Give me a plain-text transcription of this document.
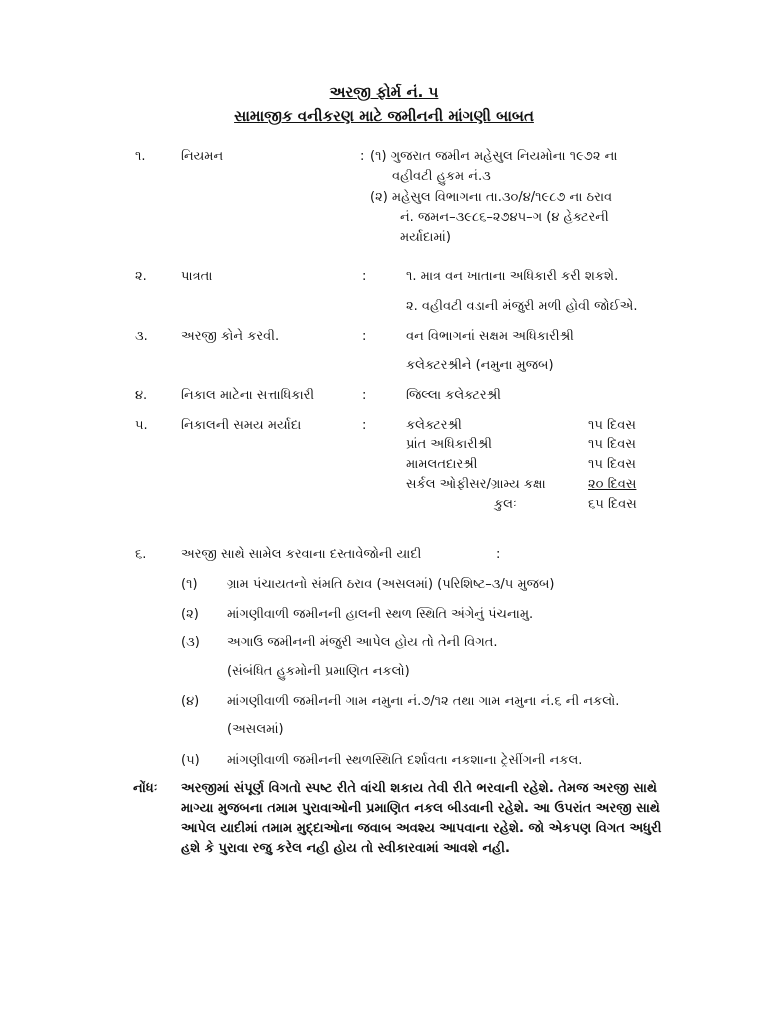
અરજી ફોર્મ નં. ૫
સામાજીક વનીકરણ માટે જમીનની માંગણી બાબત
૧.	નિયમન	: (૧) ગુજરાત જમીન મહેસુલ નિયમોના ૧૯૭૨ ના
વહીવટી હુકમ નં.૩
(૨) મહેસુલ વિભાગના તા.૩૦/૪/૧૯૮૭ ના ઠરાવ
નં. જમન–૩૯૮૬–૨૭૪૫–ગ (૪ હેક્ટરની
મર્યાદામાં)
૨.	પાત્રતા	:	૧. માત્ર વન ખાતાના અધિકારી કરી શકશે.
૨. વહીવટી વડાની મંજુરી મળી હોવી જોઈએ.
૩.	અરજી કોને કરવી.	:	વન વિભાગનાં સક્ષમ અધિકારીશ્રી
કલેક્ટરશ્રીને (નમુના મુજબ)
૪.	નિકાલ માટેના સત્તાધિકારી	:	જિલ્લા કલેક્ટરશ્રી
૫.	નિકાલની સમય મર્યાદા	:	કલેક્ટરશ્રી	૧૫ દિવસ
પ્રાંત અધિકારીશ્રી	૧૫ દિવસ
મામલતદારશ્રી	૧૫ દિવસ
સર્કલ ઓફીસર/ગ્રામ્ય કક્ષા	૨૦ દિવસ
કુલઃ	૬૫ દિવસ
૬.	અરજી સાથે સામેલ કરવાના દસ્તાવેજોની યાદી	:
(૧) ગ્રામ પંચાયતનો સંમતિ ઠરાવ (અસલમાં) (પરિશિષ્ટ–૩/૫ મુજબ)
(૨) માંગણીવાળી જમીનની હાલની સ્થળ સ્થિતિ અંગેનું પંચનામુ.
(૩) અગાઉ જમીનની મંજુરી આપેલ હોય તો તેની વિગત.
(સંબંધિત હુકમોની પ્રમાણિત નકલો)
(૪) માંગણીવાળી જમીનની ગામ નમુના નં.૭/૧૨ તથા ગામ નમુના નં.૬ ની નકલો.
(અસલમાં)
(૫) માંગણીવાળી જમીનની સ્થળસ્થિતિ દર્શાવતા નકશાના ટ્રેસીંગની નકલ.
નોંધઃ અરજીમાં સંપૂર્ણ વિગતો સ્પષ્ટ રીતે વાંચી શકાય તેવી રીતે ભરવાની રહેશે. તેમજ અરજી સાથે માગ્યા મુજબના તમામ પુરાવાઓની પ્રમાણિત નકલ બીડવાની રહેશે. આ ઉપરાંત અરજી સાથે આપેલ યાદીમાં તમામ મુદ્દાઓના જવાબ અવશ્ય આપવાના રહેશે. જો એકપણ વિગત અધુરી હશે કે પુરાવા રજુ કરેલ નહી હોય તો સ્વીકારવામાં આવશે નહી.
